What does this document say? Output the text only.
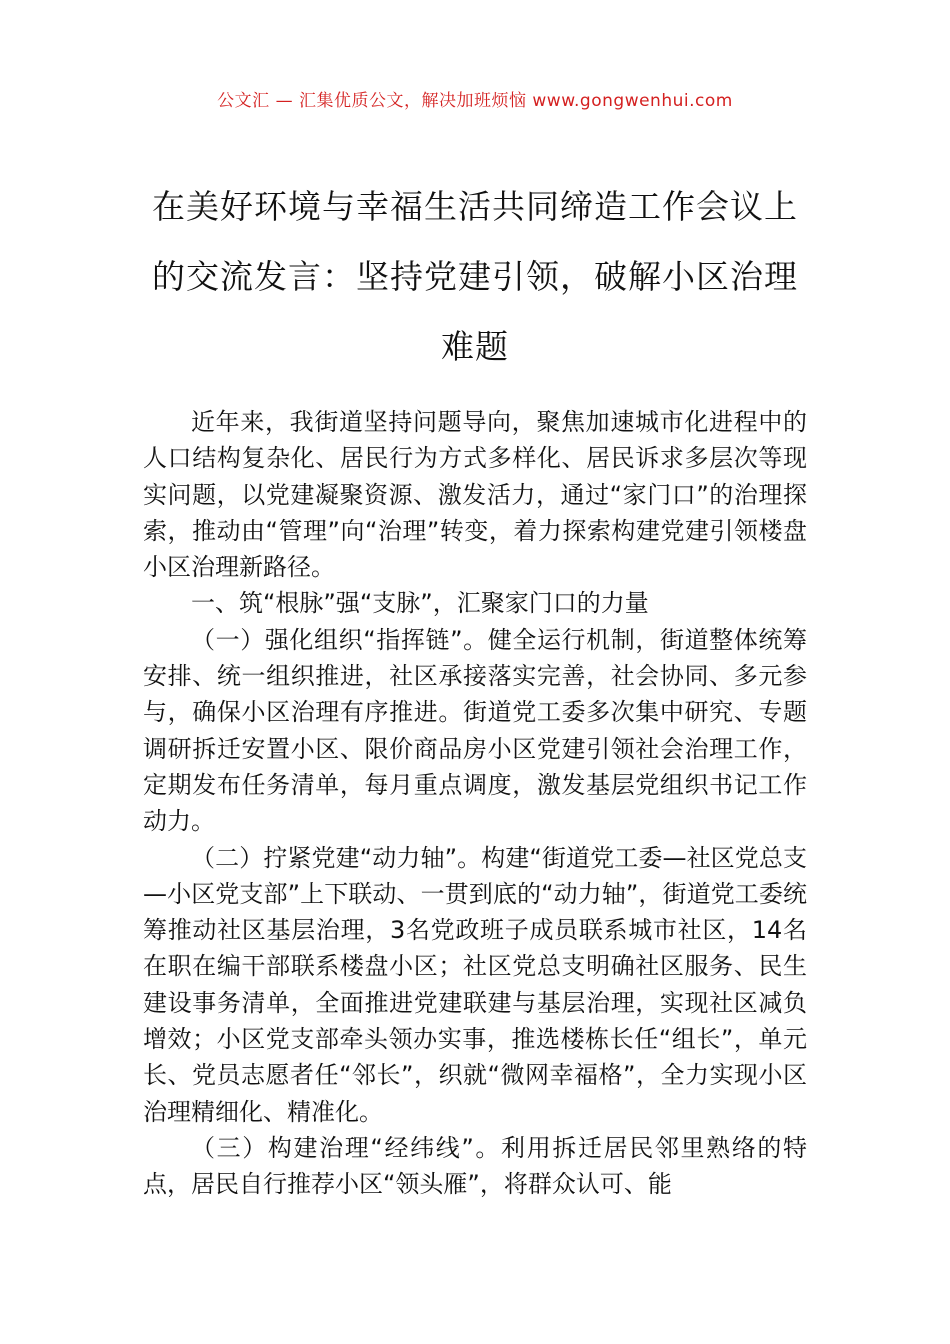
公文汇 — 汇集优质公文，解决加班烦恼 www.gongwenhui.com
在美好环境与幸福生活共同缔造工作会议上的交流发言：坚持党建引领，破解小区治理难题

近年来，我街道坚持问题导向，聚焦加速城市化进程中的人口结构复杂化、居民行为方式多样化、居民诉求多层次等现实问题，以党建凝聚资源、激发活力，通过“家门口”的治理探索，推动由“管理”向“治理”转变，着力探索构建党建引领楼盘小区治理新路径。

一、筑“根脉”强“支脉”，汇聚家门口的力量

（一）强化组织“指挥链”。健全运行机制，街道整体统筹安排、统一组织推进，社区承接落实完善，社会协同、多元参与，确保小区治理有序推进。街道党工委多次集中研究、专题调研拆迁安置小区、限价商品房小区党建引领社会治理工作，定期发布任务清单，每月重点调度，激发基层党组织书记工作动力。

（二）拧紧党建“动力轴”。构建“街道党工委—社区党总支—小区党支部”上下联动、一贯到底的“动力轴”，街道党工委统筹推动社区基层治理，3名党政班子成员联系城市社区，14名在职在编干部联系楼盘小区；社区党总支明确社区服务、民生建设事务清单，全面推进党建联建与基层治理，实现社区减负增效；小区党支部牵头领办实事，推选楼栋长任“组长”，单元长、党员志愿者任“邻长”，织就“微网幸福格”，全力实现小区治理精细化、精准化。

（三）构建治理“经纬线”。利用拆迁居民邻里熟络的特点，居民自行推荐小区“领头雁”，将群众认可、能
